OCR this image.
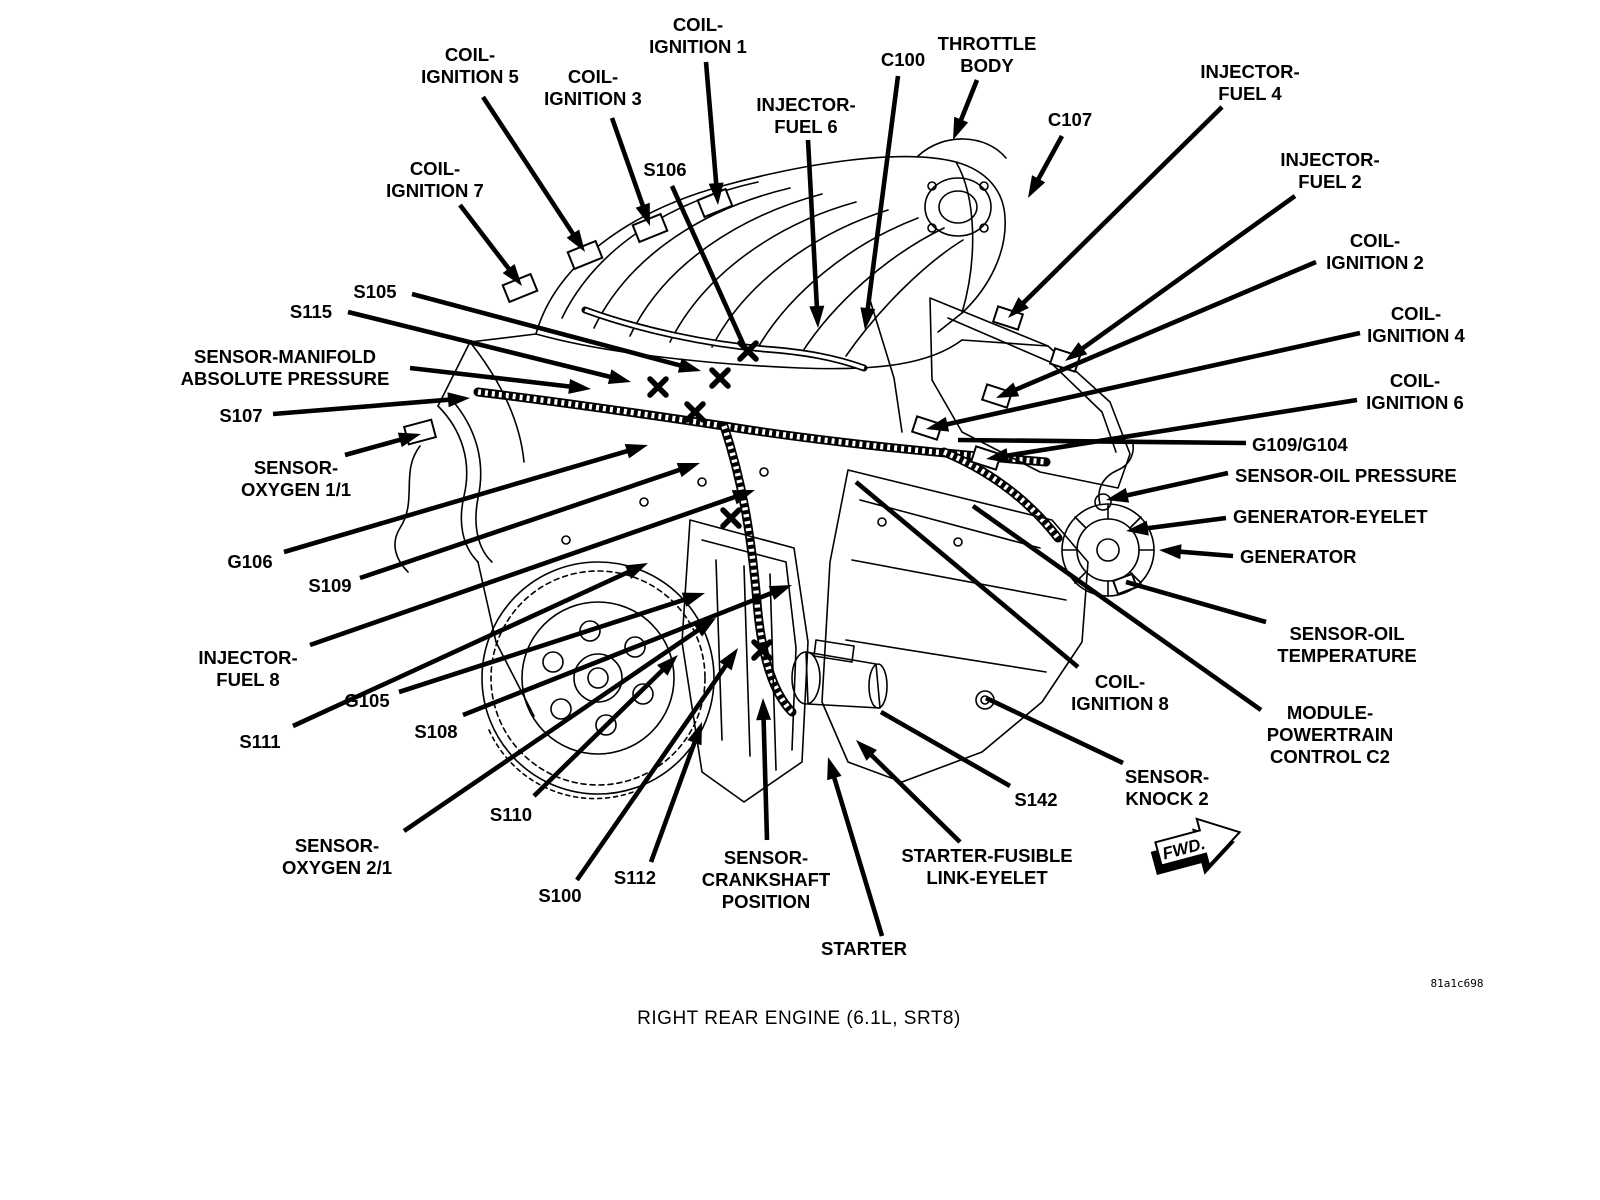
COIL-IGNITION 1
COIL-IGNITION 3
COIL-IGNITION 5
COIL-IGNITION 7
S106
INJECTOR-FUEL 6
C100
THROTTLE BODY
C107
INJECTOR-FUEL 4
INJECTOR-FUEL 2
COIL-IGNITION 2
COIL-IGNITION 4
COIL-IGNITION 6
G109/G104
SENSOR-OIL PRESSURE
GENERATOR-EYELET
GENERATOR
SENSOR-OIL TEMPERATURE
MODULE-POWERTRAIN CONTROL C2
COIL-IGNITION 8
SENSOR-KNOCK 2
S142
STARTER-FUSIBLE LINK-EYELET
STARTER
SENSOR-CRANKSHAFT POSITION
S112
S100
SENSOR-OXYGEN 2/1
S110
S108
S111
G105
INJECTOR-FUEL 8
S109
G106
SENSOR-OXYGEN 1/1
S107
SENSOR-MANIFOLD ABSOLUTE PRESSURE
S115
S105
FWD.
RIGHT REAR ENGINE (6.1L, SRT8)
81a1c698
